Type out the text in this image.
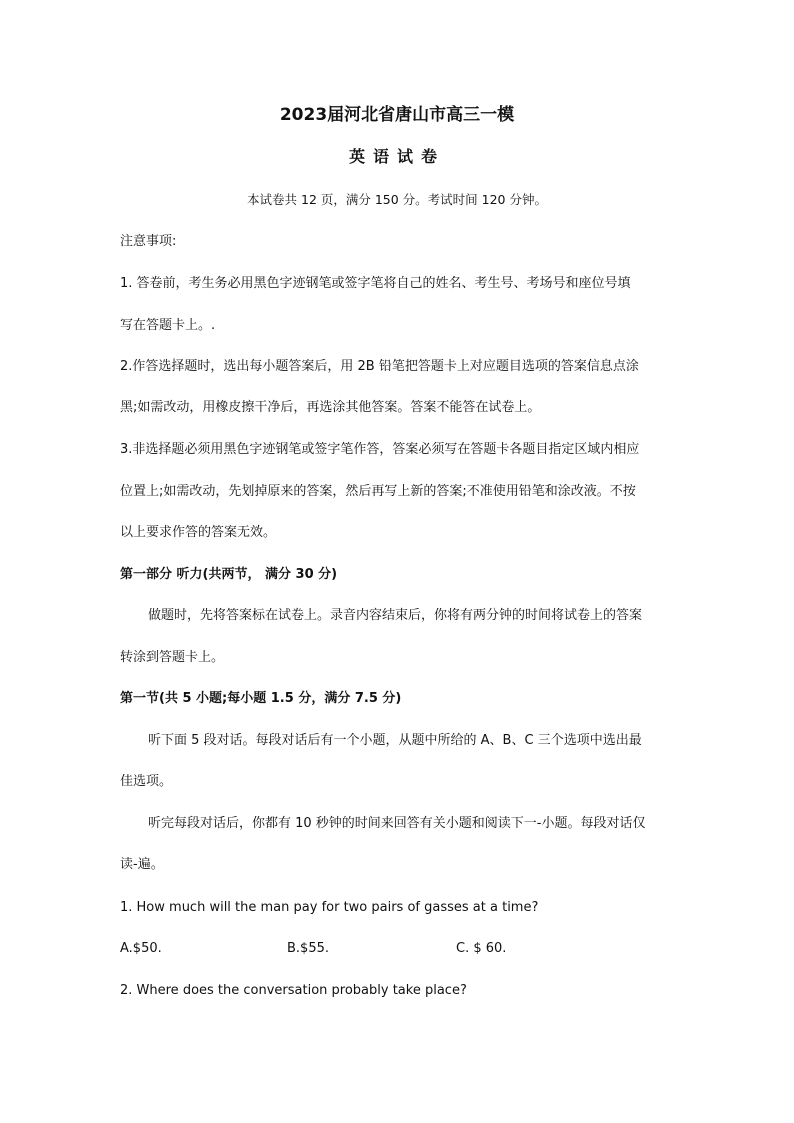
2023届河北省唐山市高三一模
英语试卷
本试卷共 12 页，满分 150 分。考试时间 120 分钟。
注意事项:
1. 答卷前，考生务必用黑色字迹钢笔或签字笔将自己的姓名、考生号、考场号和座位号填
写在答题卡上。.
2.作答选择题时，选出每小题答案后，用 2B 铅笔把答题卡上对应题目选项的答案信息点涂
黑;如需改动，用橡皮擦干净后，再选涂其他答案。答案不能答在试卷上。
3.非选择题必须用黑色字迹钢笔或签字笔作答，答案必须写在答题卡各题目指定区域内相应
位置上;如需改动，先划掉原来的答案，然后再写上新的答案;不准使用铅笔和涂改液。不按
以上要求作答的答案无效。
第一部分 听力(共两节， 满分 30 分)
做题时，先将答案标在试卷上。录音内容结束后，你将有两分钟的时间将试卷上的答案
转涂到答题卡上。
第一节(共 5 小题;每小题 1.5 分，满分 7.5 分)
听下面 5 段对话。每段对话后有一个小题，从题中所给的 A、B、C 三个选项中选出最
佳选项。
听完每段对话后，你都有 10 秒钟的时间来回答有关小题和阅读下一-小题。每段对话仅
读-遍。
1. How much will the man pay for two pairs of gasses at a time?
A.$50.	B.$55.	C. $ 60.
2. Where does the conversation probably take place?
